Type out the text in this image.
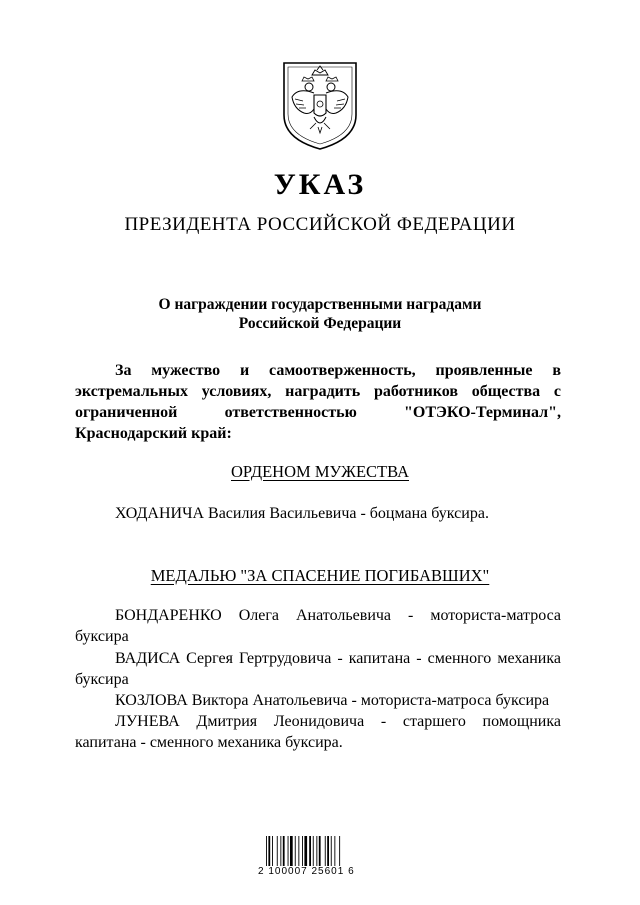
УКАЗ
ПРЕЗИДЕНТА РОССИЙСКОЙ ФЕДЕРАЦИИ
О награждении государственными наградами
Российской Федерации
За мужество и самоотверженность, проявленные в
экстремальных условиях, наградить работников общества с
ограниченной ответственностью "ОТЭКО-Терминал",
Краснодарский край:
ОРДЕНОМ МУЖЕСТВА
ХОДАНИЧА Василия Васильевича - боцмана буксира.
МЕДАЛЬЮ "ЗА СПАСЕНИЕ ПОГИБАВШИХ"
БОНДАРЕНКО Олега Анатольевича - моториста-матроса
буксира
ВАДИСА Сергея Гертрудовича - капитана - сменного механика
буксира
КОЗЛОВА Виктора Анатольевича - моториста-матроса буксира
ЛУНЕВА Дмитрия Леонидовича - старшего помощника
капитана - сменного механика буксира.
2 100007 25601 6
